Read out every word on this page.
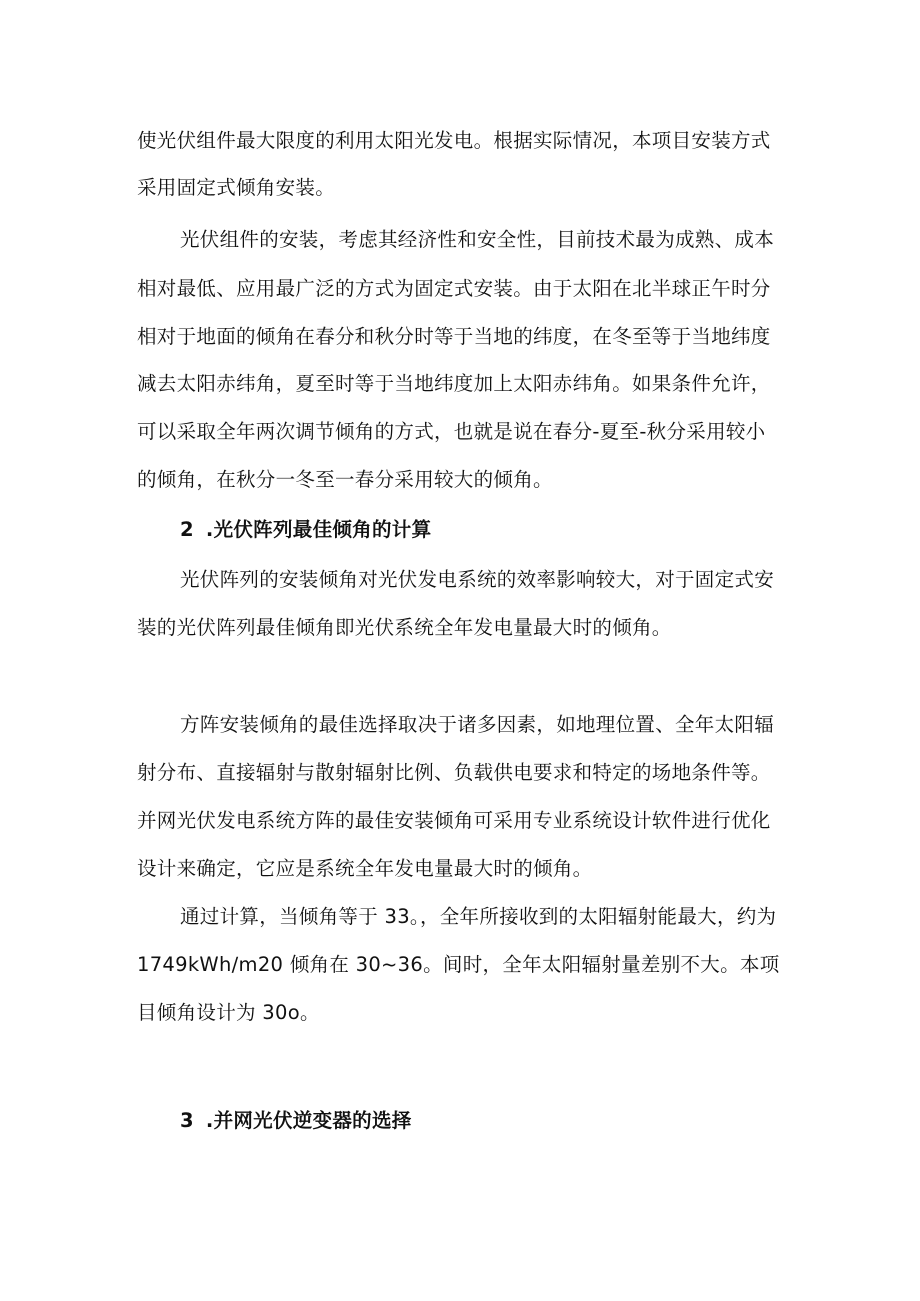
使光伏组件最大限度的利用太阳光发电。根据实际情况，本项目安装方式
采用固定式倾角安装。
光伏组件的安装，考虑其经济性和安全性，目前技术最为成熟、成本
相对最低、应用最广泛的方式为固定式安装。由于太阳在北半球正午时分
相对于地面的倾角在春分和秋分时等于当地的纬度，在冬至等于当地纬度
减去太阳赤纬角，夏至时等于当地纬度加上太阳赤纬角。如果条件允许，
可以采取全年两次调节倾角的方式，也就是说在春分-夏至-秋分采用较小
的倾角，在秋分一冬至一春分采用较大的倾角。
2 .光伏阵列最佳倾角的计算
光伏阵列的安装倾角对光伏发电系统的效率影响较大，对于固定式安
装的光伏阵列最佳倾角即光伏系统全年发电量最大时的倾角。
方阵安装倾角的最佳选择取决于诸多因素，如地理位置、全年太阳辐
射分布、直接辐射与散射辐射比例、负载供电要求和特定的场地条件等。
并网光伏发电系统方阵的最佳安装倾角可采用专业系统设计软件进行优化
设计来确定，它应是系统全年发电量最大时的倾角。
通过计算，当倾角等于 33。，全年所接收到的太阳辐射能最大，约为
1749kWh∕m20 倾角在 30~36。间时，全年太阳辐射量差别不大。本项
目倾角设计为 30o。
3 .并网光伏逆变器的选择
